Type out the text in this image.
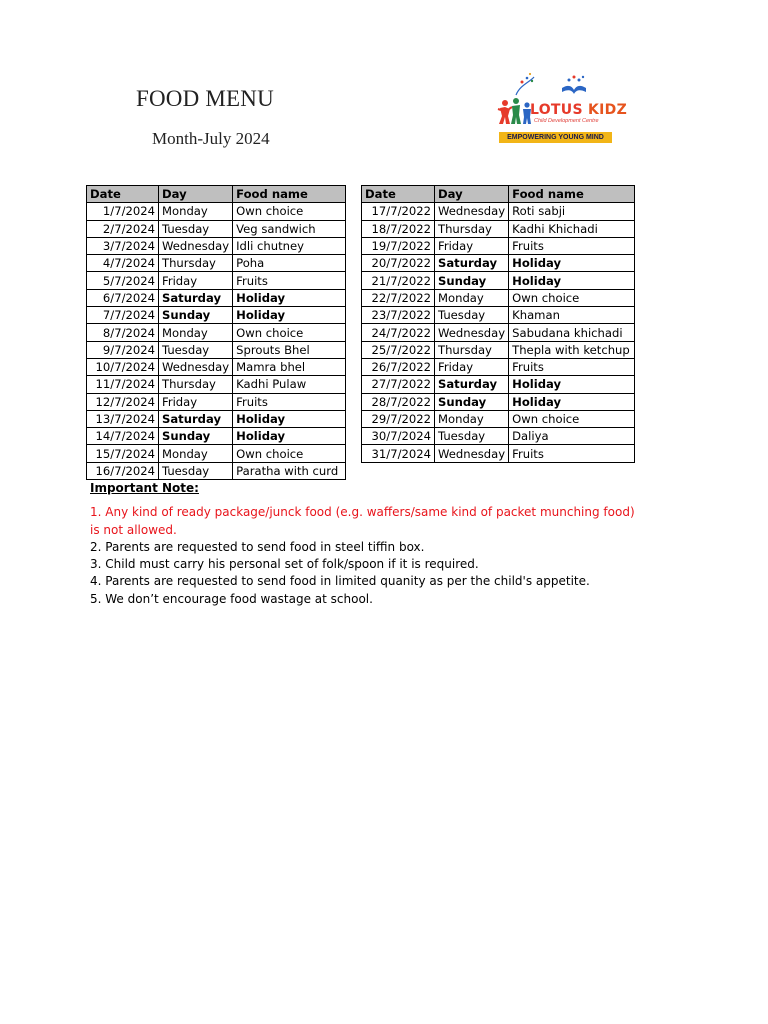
FOOD MENU
Month-July 2024
LOTUS KIDZ
Child Development Centre
EMPOWERING YOUNG MIND
Date	Day	Food name
1/7/2024	Monday	Own choice
2/7/2024	Tuesday	Veg sandwich
3/7/2024	Wednesday	Idli chutney
4/7/2024	Thursday	Poha
5/7/2024	Friday	Fruits
6/7/2024	Saturday	Holiday
7/7/2024	Sunday	Holiday
8/7/2024	Monday	Own choice
9/7/2024	Tuesday	Sprouts Bhel
10/7/2024	Wednesday	Mamra bhel
11/7/2024	Thursday	Kadhi Pulaw
12/7/2024	Friday	Fruits
13/7/2024	Saturday	Holiday
14/7/2024	Sunday	Holiday
15/7/2024	Monday	Own choice
16/7/2024	Tuesday	Paratha with curd
Date	Day	Food name
17/7/2022	Wednesday	Roti sabji
18/7/2022	Thursday	Kadhi Khichadi
19/7/2022	Friday	Fruits
20/7/2022	Saturday	Holiday
21/7/2022	Sunday	Holiday
22/7/2022	Monday	Own choice
23/7/2022	Tuesday	Khaman
24/7/2022	Wednesday	Sabudana khichadi
25/7/2022	Thursday	Thepla with ketchup
26/7/2022	Friday	Fruits
27/7/2022	Saturday	Holiday
28/7/2022	Sunday	Holiday
29/7/2022	Monday	Own choice
30/7/2024	Tuesday	Daliya
31/7/2024	Wednesday	Fruits
Important Note:

1. Any kind of ready package/junck food (e.g. waffers/same kind of packet munching food) is not allowed.

2. Parents are requested to send food in steel tiffin box.

3. Child must carry his personal set of folk/spoon if it is required.

4. Parents are requested to send food in limited quanity as per the child's appetite.

5. We don’t encourage food wastage at school.
